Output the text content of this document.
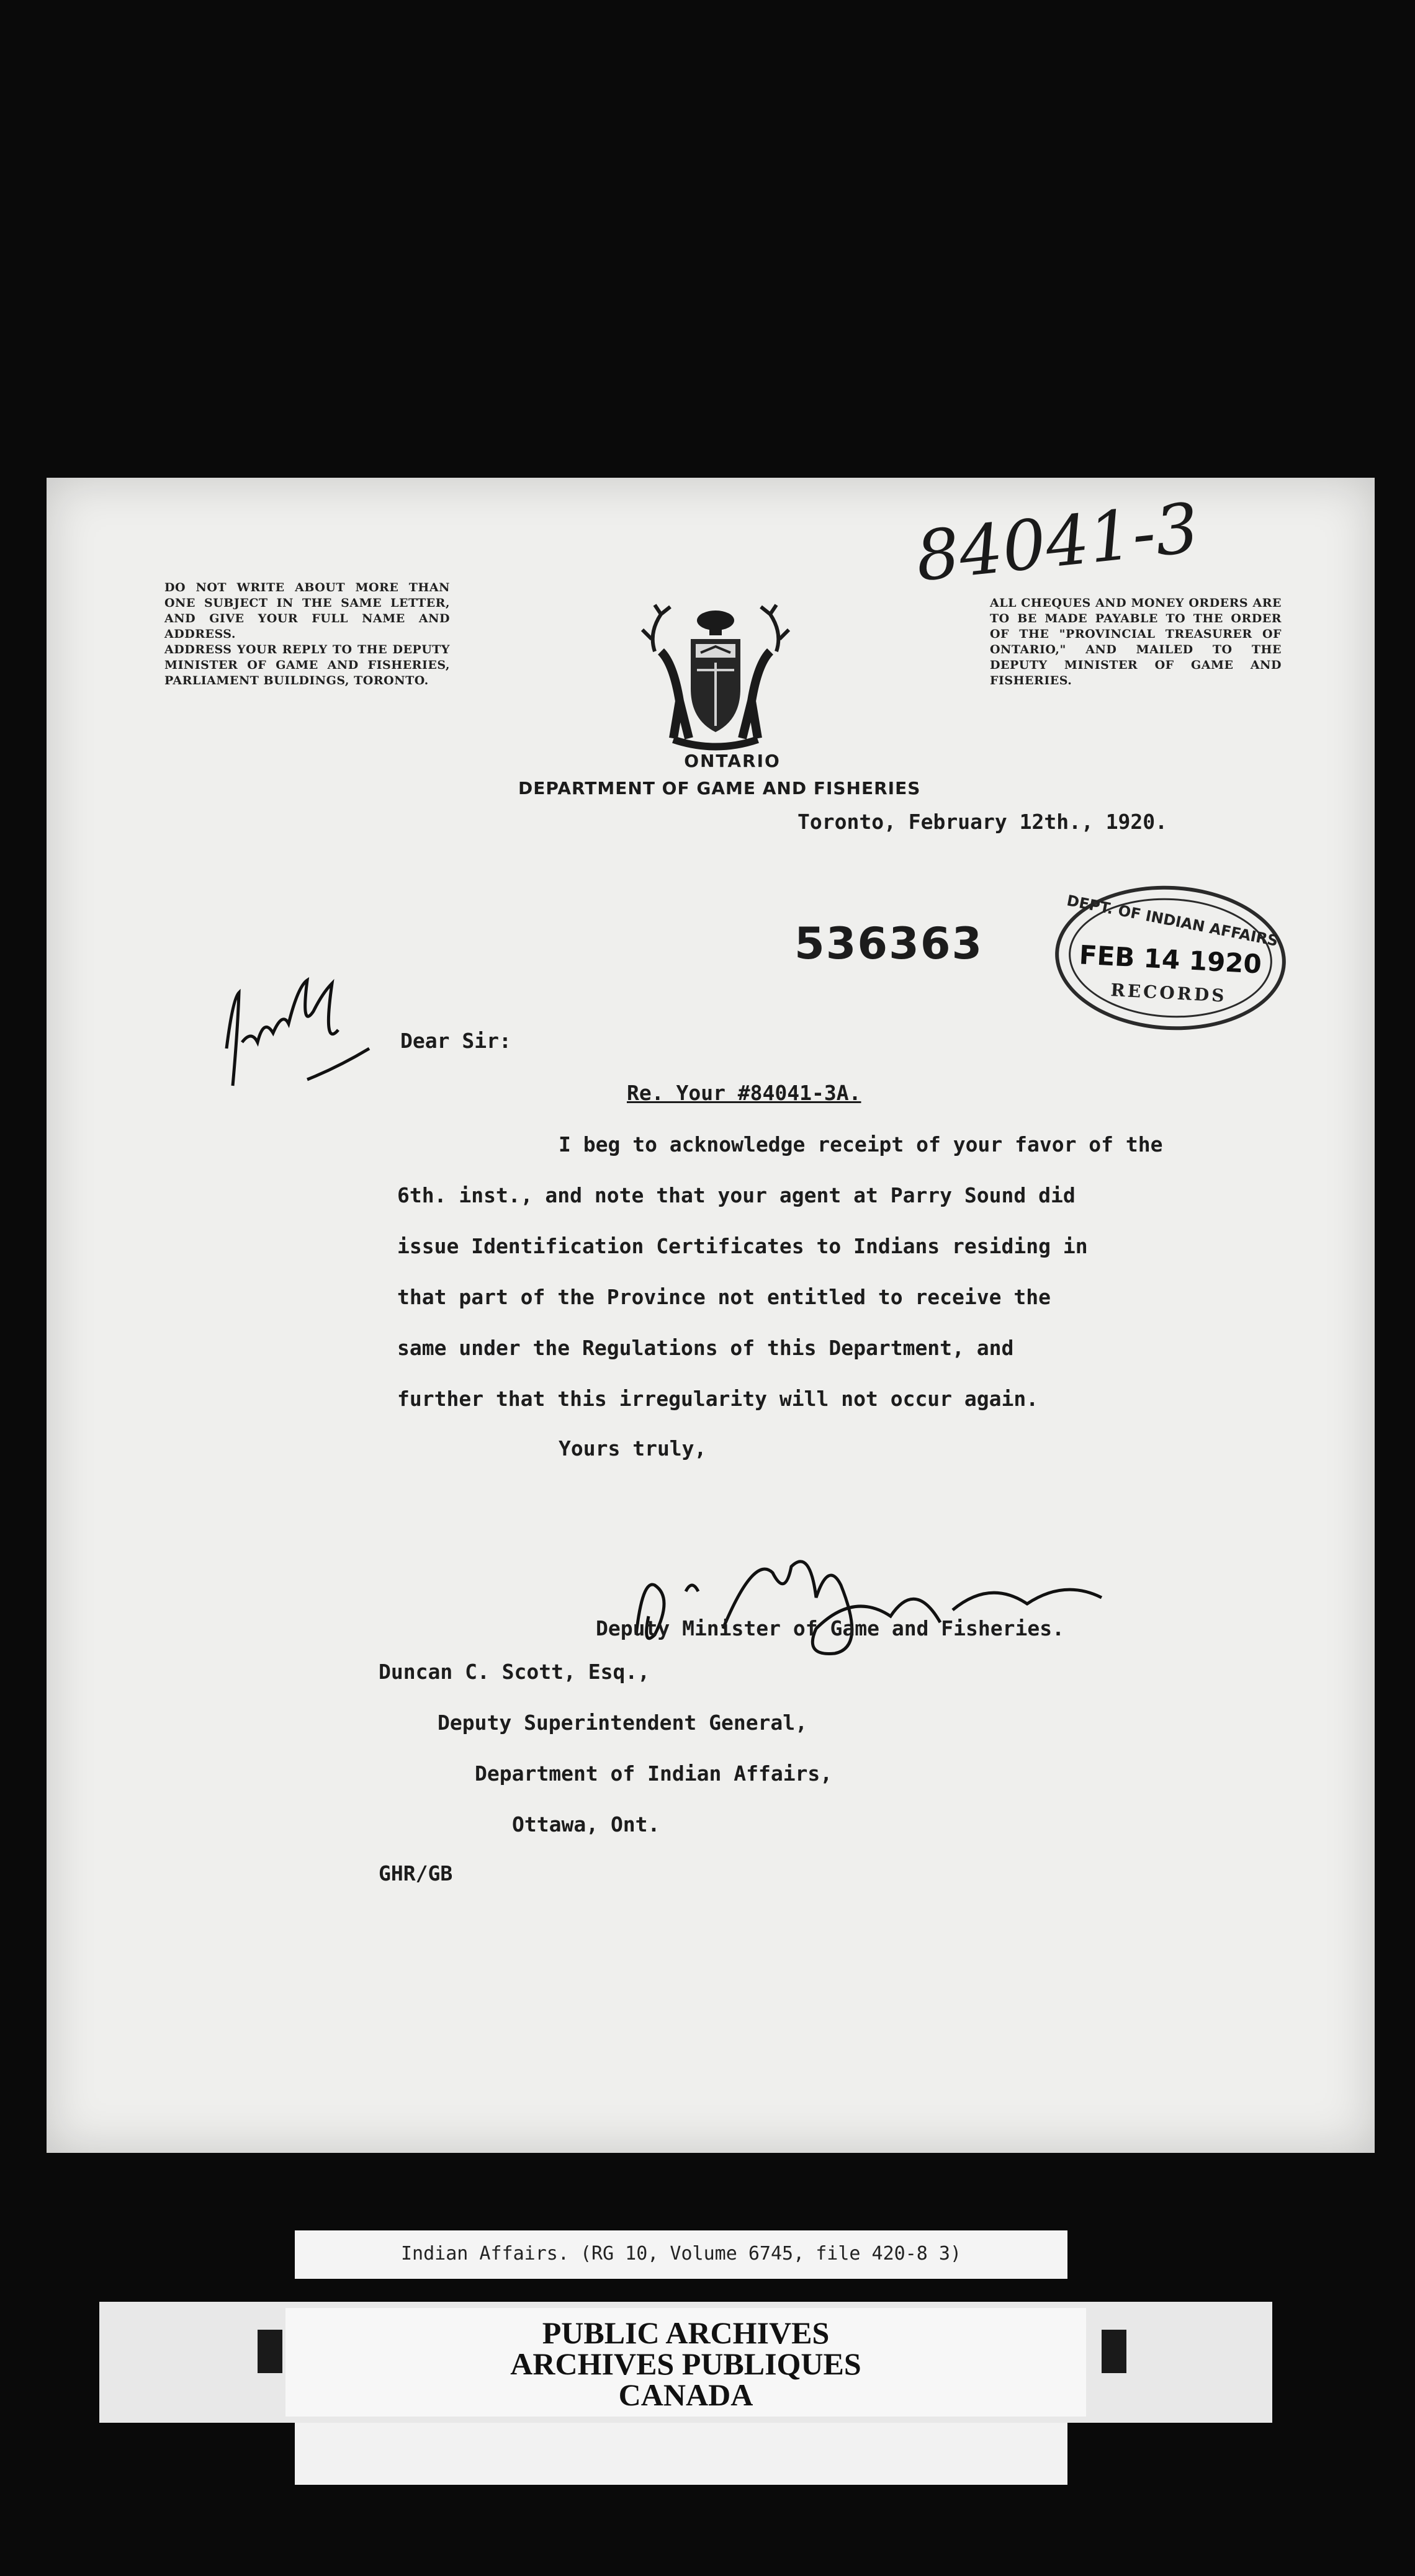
DO NOT WRITE ABOUT MORE THAN ONE SUBJECT IN THE SAME LETTER, AND GIVE YOUR FULL NAME AND ADDRESS.

ADDRESS YOUR REPLY TO THE DEPUTY MINISTER OF GAME AND FISHERIES, PARLIAMENT BUILDINGS, TORONTO.

ALL CHEQUES AND MONEY ORDERS ARE TO BE MADE PAYABLE TO THE ORDER OF THE "PROVINCIAL TREASURER OF ONTARIO," AND MAILED TO THE DEPUTY MINISTER OF GAME AND FISHERIES.
ONTARIO
DEPARTMENT OF GAME AND FISHERIES
84041-3
Toronto, February 12th., 1920.
536363	DEPT. OF INDIAN AFFAIRS
FEB 14 1920
RECORDS
Dear Sir:
Re. Your #84041-3A.
I beg to acknowledge receipt of your favor of the
6th. inst., and note that your agent at Parry Sound did
issue Identification Certificates to Indians residing in
that part of the Province not entitled to receive the
same under the Regulations of this Department, and
further that this irregularity will not occur again.
Yours truly,
Deputy Minister of Game and Fisheries.
Duncan C. Scott, Esq.,
Deputy Superintendent General,
Department of Indian Affairs,
Ottawa, Ont.
GHR/GB
Indian Affairs. (RG 10, Volume 6745, file 420-8 3)
PUBLIC ARCHIVES
ARCHIVES PUBLIQUES
CANADA
